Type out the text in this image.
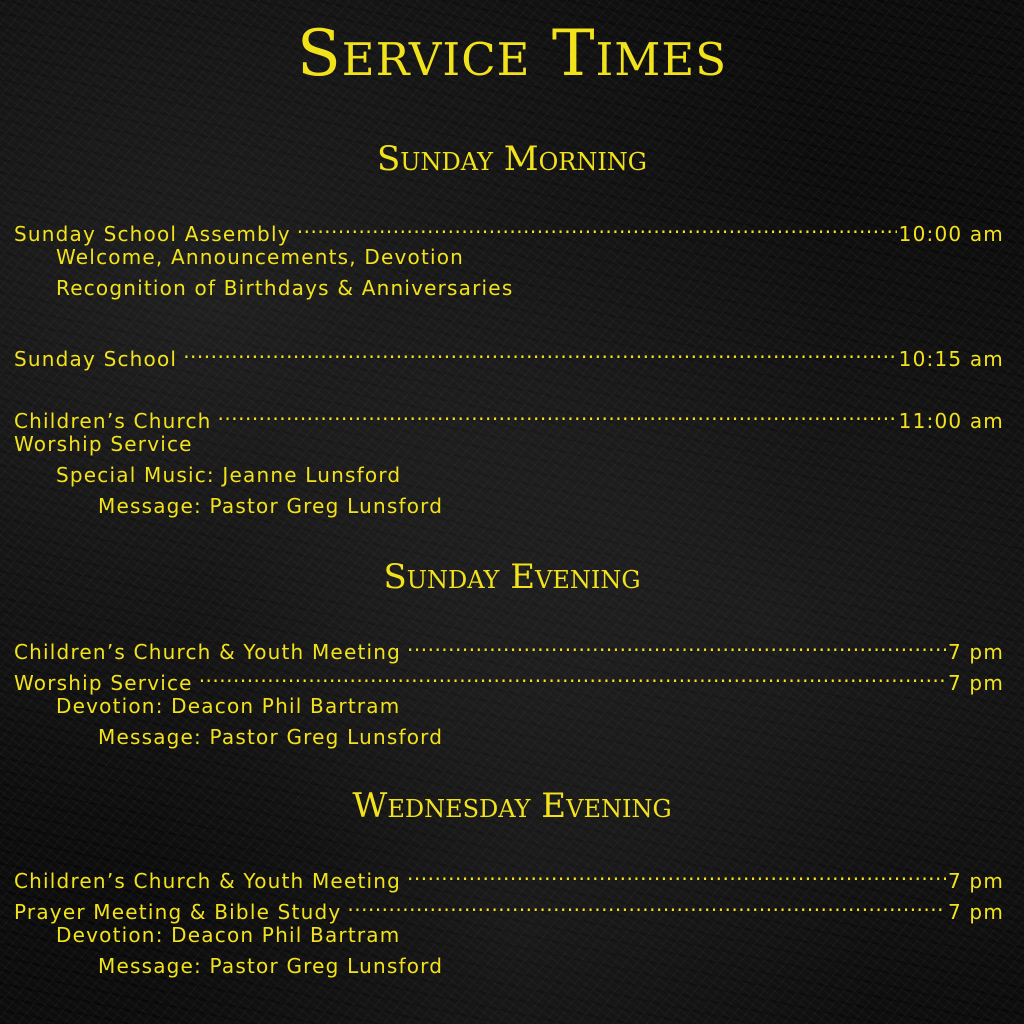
Service Times
Sunday Morning
Sunday School Assembly .....	10:00 am
Welcome, Announcements, Devotion
Recognition of Birthdays & Anniversaries
Sunday School .....	10:15 am
Children’s Church .....	11:00 am
Worship Service
Special Music: Jeanne Lunsford
Message: Pastor Greg Lunsford
Sunday Evening
Children’s Church & Youth Meeting .....	7 pm
Worship Service .....	7 pm
Devotion: Deacon Phil Bartram
Message: Pastor Greg Lunsford
Wednesday Evening
Children’s Church & Youth Meeting .....	7 pm
Prayer Meeting & Bible Study .....	7 pm
Devotion: Deacon Phil Bartram
Message: Pastor Greg Lunsford
